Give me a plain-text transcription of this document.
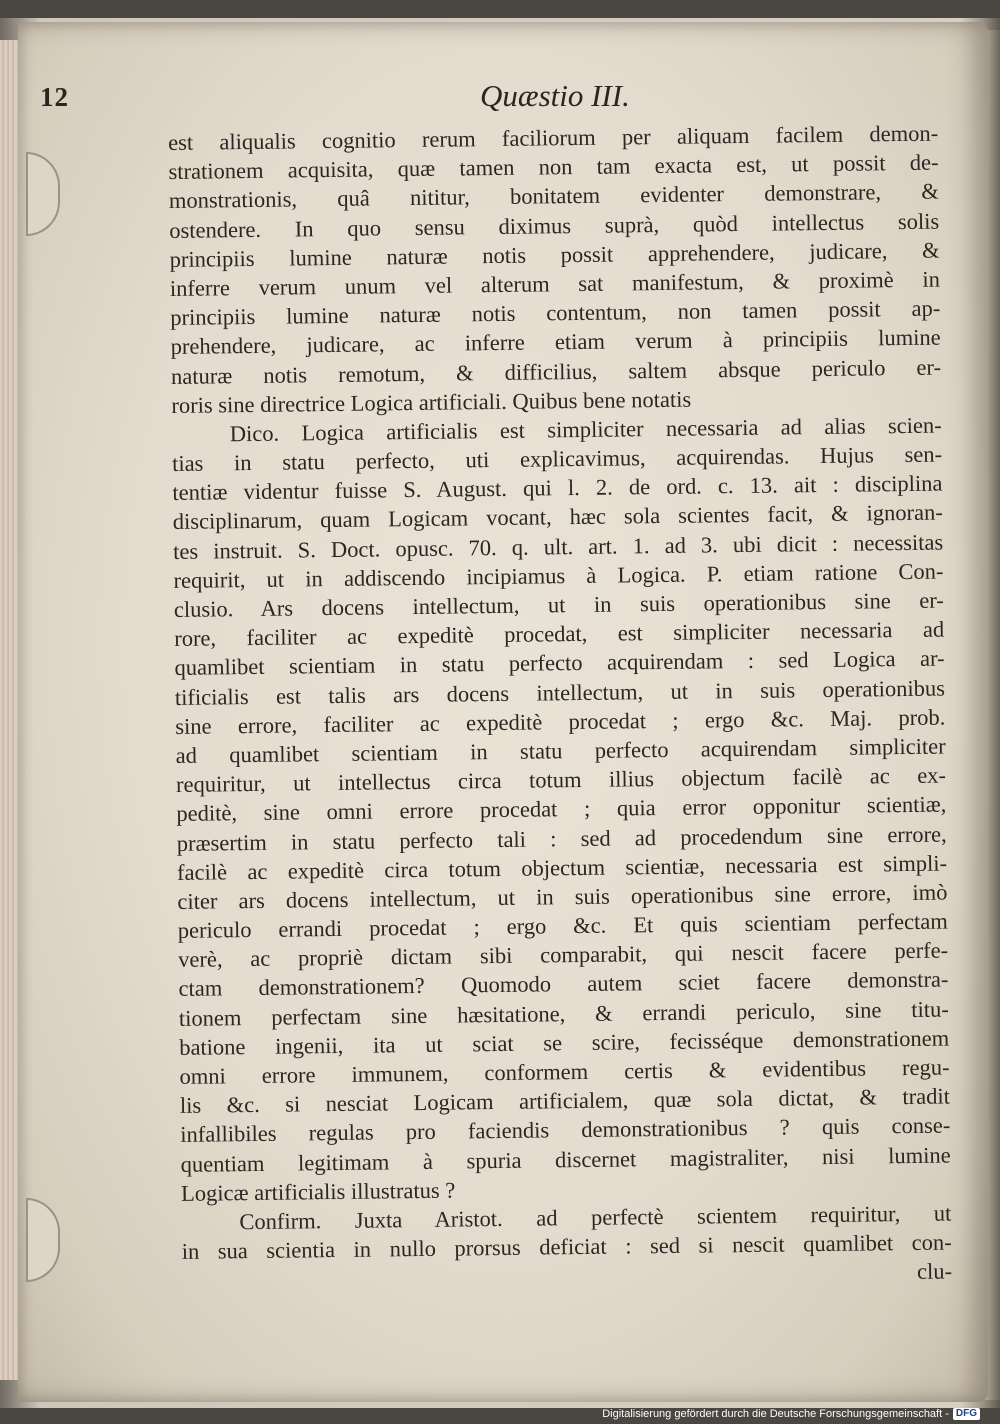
12	Quæstio III.
est aliqualis cognitio rerum faciliorum per aliquam facilem demon-
strationem acquisita, quæ tamen non tam exacta est, ut possit de-
monstrationis, quâ nititur, bonitatem evidenter demonstrare, &
ostendere. In quo sensu diximus suprà, quòd intellectus solis
principiis lumine naturæ notis possit apprehendere, judicare, &
inferre verum unum vel alterum sat manifestum, & proximè in
principiis lumine naturæ notis contentum, non tamen possit ap-
prehendere, judicare, ac inferre etiam verum à principiis lumine
naturæ notis remotum, & difficilius, saltem absque periculo er-
roris sine directrice Logica artificiali. Quibus bene notatis
Dico. Logica artificialis est simpliciter necessaria ad alias scien-
tias in statu perfecto, uti explicavimus, acquirendas. Hujus sen-
tentiæ videntur fuisse S. August. qui l. 2. de ord. c. 13. ait : disciplina
disciplinarum, quam Logicam vocant, hæc sola scientes facit, & ignoran-
tes instruit. S. Doct. opusc. 70. q. ult. art. 1. ad 3. ubi dicit : necessitas
requirit, ut in addiscendo incipiamus à Logica. P. etiam ratione Con-
clusio. Ars docens intellectum, ut in suis operationibus sine er-
rore, faciliter ac expeditè procedat, est simpliciter necessaria ad
quamlibet scientiam in statu perfecto acquirendam : sed Logica ar-
tificialis est talis ars docens intellectum, ut in suis operationibus
sine errore, faciliter ac expeditè procedat ; ergo &c. Maj. prob.
ad quamlibet scientiam in statu perfecto acquirendam simpliciter
requiritur, ut intellectus circa totum illius objectum facilè ac ex-
peditè, sine omni errore procedat ; quia error opponitur scientiæ,
præsertim in statu perfecto tali : sed ad procedendum sine errore,
facilè ac expeditè circa totum objectum scientiæ, necessaria est simpli-
citer ars docens intellectum, ut in suis operationibus sine errore, imò
periculo errandi procedat ; ergo &c. Et quis scientiam perfectam
verè, ac propriè dictam sibi comparabit, qui nescit facere perfe-
ctam demonstrationem? Quomodo autem sciet facere demonstra-
tionem perfectam sine hæsitatione, & errandi periculo, sine titu-
batione ingenii, ita ut sciat se scire, fecisséque demonstrationem
omni errore immunem, conformem certis & evidentibus regu-
lis &c. si nesciat Logicam artificialem, quæ sola dictat, & tradit
infallibiles regulas pro faciendis demonstrationibus ? quis conse-
quentiam legitimam à spuria discernet magistraliter, nisi lumine
Logicæ artificialis illustratus ?
Confirm. Juxta Aristot. ad perfectè scientem requiritur, ut
in sua scientia in nullo prorsus deficiat : sed si nescit quamlibet con-
clu-
Digitalisierung gefördert durch die Deutsche Forschungsgemeinschaft - DFG
